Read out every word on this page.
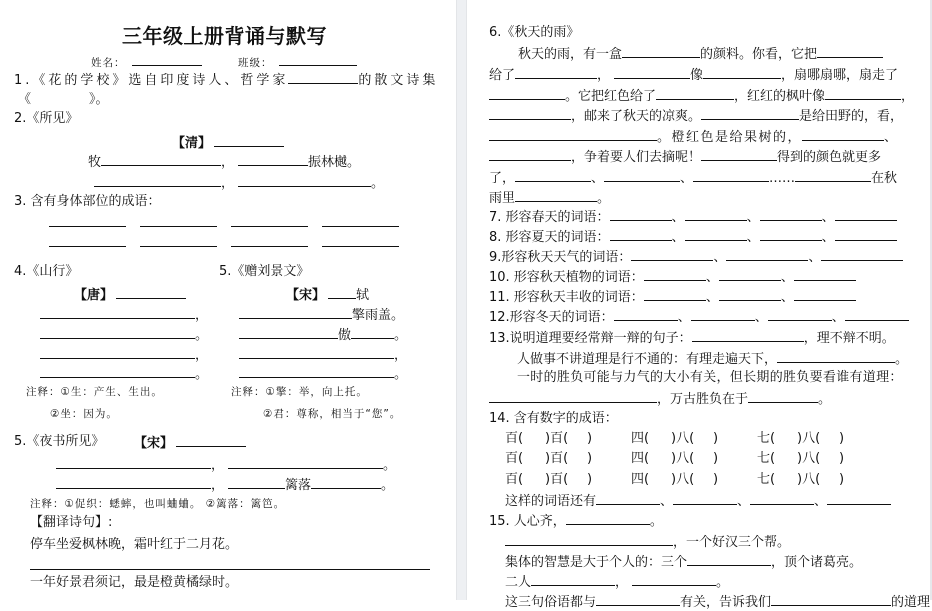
三年级上册背诵与默写
姓名：	班级：
1.《花的学校》选自印度诗人、哲学家	的散文诗集
《	》。
2.《所见》
【清】
牧	，	振林樾。
，	。
3. 含有身体部位的成语：
4.《山行》
【唐】
，
。
，
。
注释：①生：产生、生出。
②坐：因为。
5.《赠刘景文》
【宋】 轼
擎雨盖。
傲	。
，
。
注释：①擎：举，向上托。
②君：尊称，相当于“您”。
5.《夜书所见》 【宋】
，	。
，	篱落	。
注释：①促织：蟋蟀，也叫蛐蛐。 ②篱落：篱笆。
【翻译诗句】:
停车坐爱枫林晚，霜叶红于二月花。
一年好景君须记，最是橙黄橘绿时。
6.《秋天的雨》
秋天的雨，有一盒	的颜料。你看，它把
给了	，	像	，扇哪扇哪，扇走了
。它把红色给了	，红红的枫叶像	，
，邮来了秋天的凉爽。	是给田野的，看，
。橙红色是给果树的，	、
，争着要人们去摘呢！	得到的颜色就更多
了，	、	、	……	在秋
雨里	。
7. 形容春天的词语：	、	、	、
8. 形容夏天的词语：	、	、	、
9.形容秋天天气的词语：	、	、
10. 形容秋天植物的词语：	、	、
11. 形容秋天丰收的词语：	、	、
12.形容冬天的词语：	、	、	、
13.说明道理要经常辩一辩的句子：	，理不辩不明。
人做事不讲道理是行不通的：有理走遍天下，	。
一时的胜负可能与力气的大小有关，但长期的胜负要看谁有道理：
，万古胜负在于	。
14. 含有数字的成语：
百( )百( )	四( )八( )	七( )八( )
百( )百( )	四( )八( )	七( )八( )
百( )百( )	四( )八( )	七( )八( )
这样的词语还有	、	、	、
15. 人心齐，	。
，一个好汉三个帮。
集体的智慧是大于个人的：三个	，顶个诸葛亮。
二人	，	。
这三句俗语都与	有关，告诉我们	的道理
